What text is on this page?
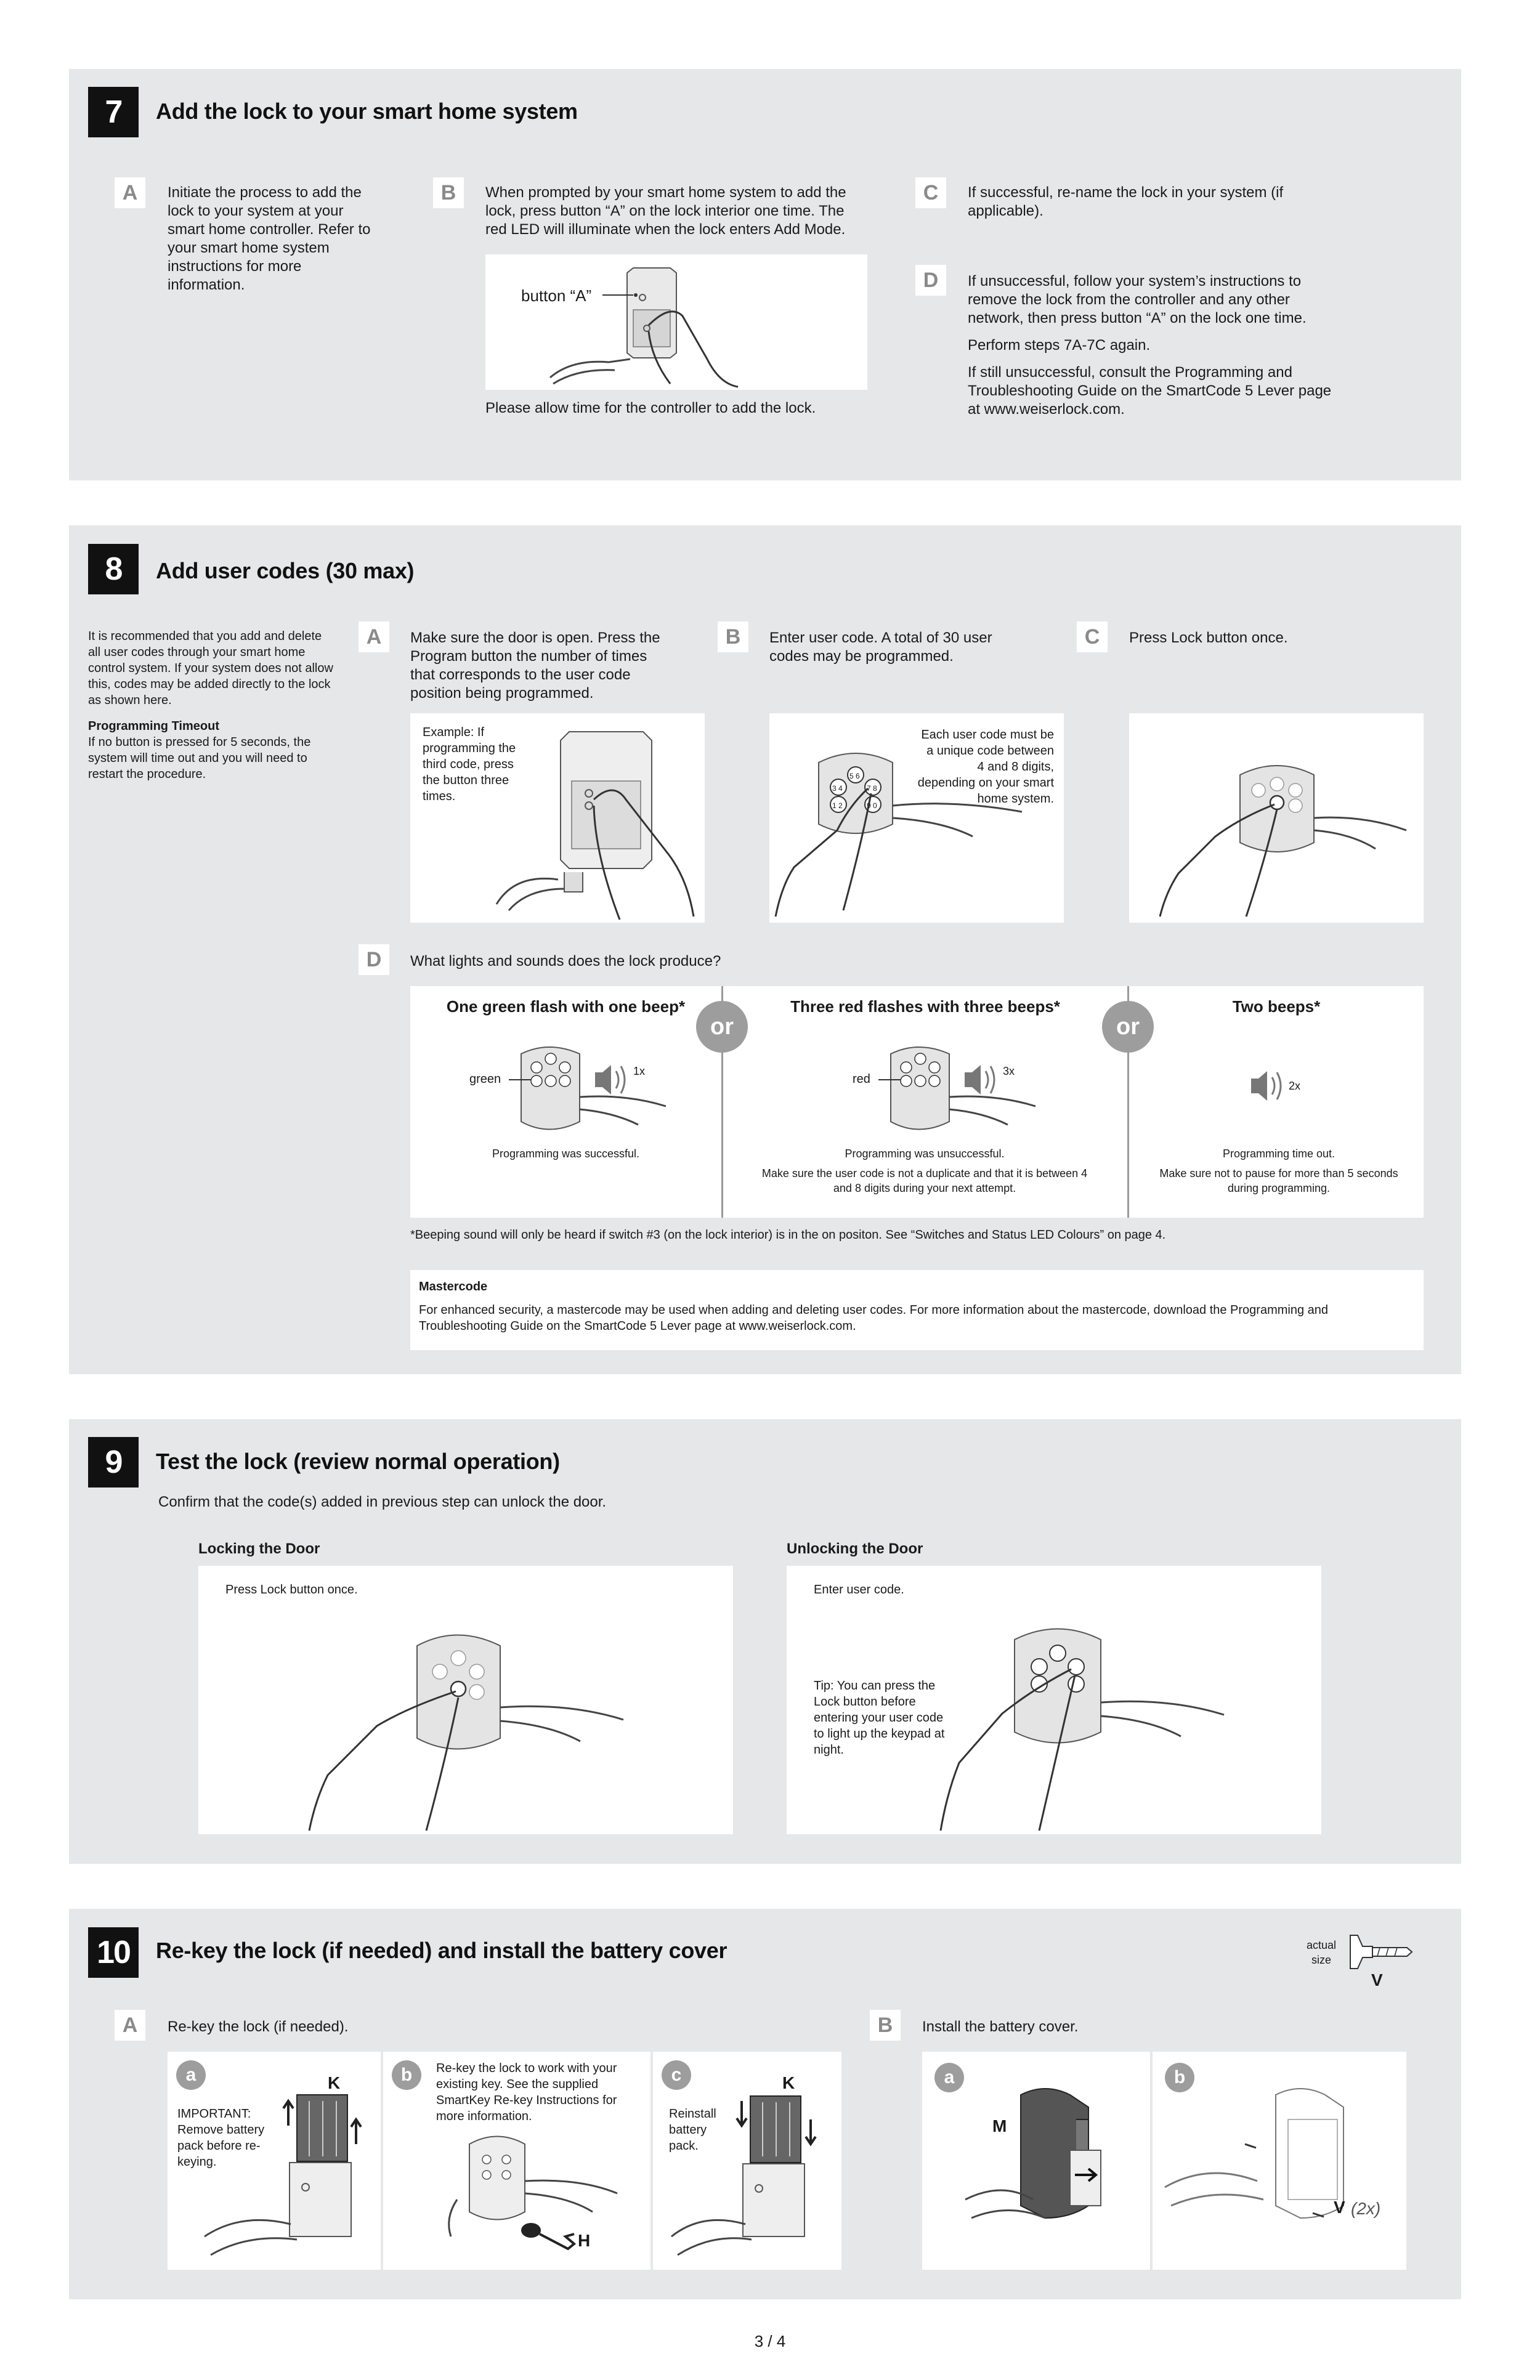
7	Add the lock to your smart home system
A	Initiate the process to add the lock to your system at your smart home controller. Refer to your smart home system instructions for more information.
B	When prompted by your smart home system to add the lock, press button “A” on the lock interior one time. The red LED will illuminate when the lock enters Add Mode.
button “A”
Please allow time for the controller to add the lock.
C	If successful, re-name the lock in your system (if applicable).
D	If unsuccessful, follow your system’s instructions to remove the lock from the controller and any other network, then press button “A” on the lock one time.

Perform steps 7A-7C again.

If still unsuccessful, consult the Programming and Troubleshooting Guide on the SmartCode 5 Lever page at www.weiserlock.com.

8	Add user codes (30 max)
It is recommended that you add and delete all user codes through your smart home control system. If your system does not allow this, codes may be added directly to the lock as shown here.
Programming Timeout
If no button is pressed for 5 seconds, the system will time out and you will need to restart the procedure.
A	Make sure the door is open. Press the Program button the number of times that corresponds to the user code position being programmed.
Example: If programming the third code, press the button three times.
B	Enter user code. A total of 30 user codes may be programmed.
Each user code must be a unique code between 4 and 8 digits, depending on your smart home system.
5 6
3 4	7 8
1 2	9 0
C	Press Lock button once.
D	What lights and sounds does the lock produce?
One green flash with one beep*
green
1x
Programming was successful.
or
Three red flashes with three beeps*
red
3x
Programming was unsuccessful.
Make sure the user code is not a duplicate and that it is between 4 and 8 digits during your next attempt.
or
Two beeps*
2x
Programming time out.
Make sure not to pause for more than 5 seconds during programming.
*Beeping sound will only be heard if switch #3 (on the lock interior) is in the on positon. See “Switches and Status LED Colours” on page 4.
Mastercode
For enhanced security, a mastercode may be used when adding and deleting user codes. For more information about the mastercode, download the Programming and Troubleshooting Guide on the SmartCode 5 Lever page at www.weiserlock.com.
9	Test the lock (review normal operation)
Confirm that the code(s) added in previous step can unlock the door.
Locking the Door
Press Lock button once.
Unlocking the Door
Enter user code.
Tip: You can press the Lock button before entering your user code to light up the keypad at night.
10	Re-key the lock (if needed) and install the battery cover	actual size
V
A	Re-key the lock (if needed).	B	Install the battery cover.
a
IMPORTANT: Remove battery pack before re-keying.
K	b	Re-key the lock to work with your existing key. See the supplied SmartKey Re-key Instructions for more information.
H
c
Reinstall battery pack.
K	a
M
b
V (2x)
3 / 4
